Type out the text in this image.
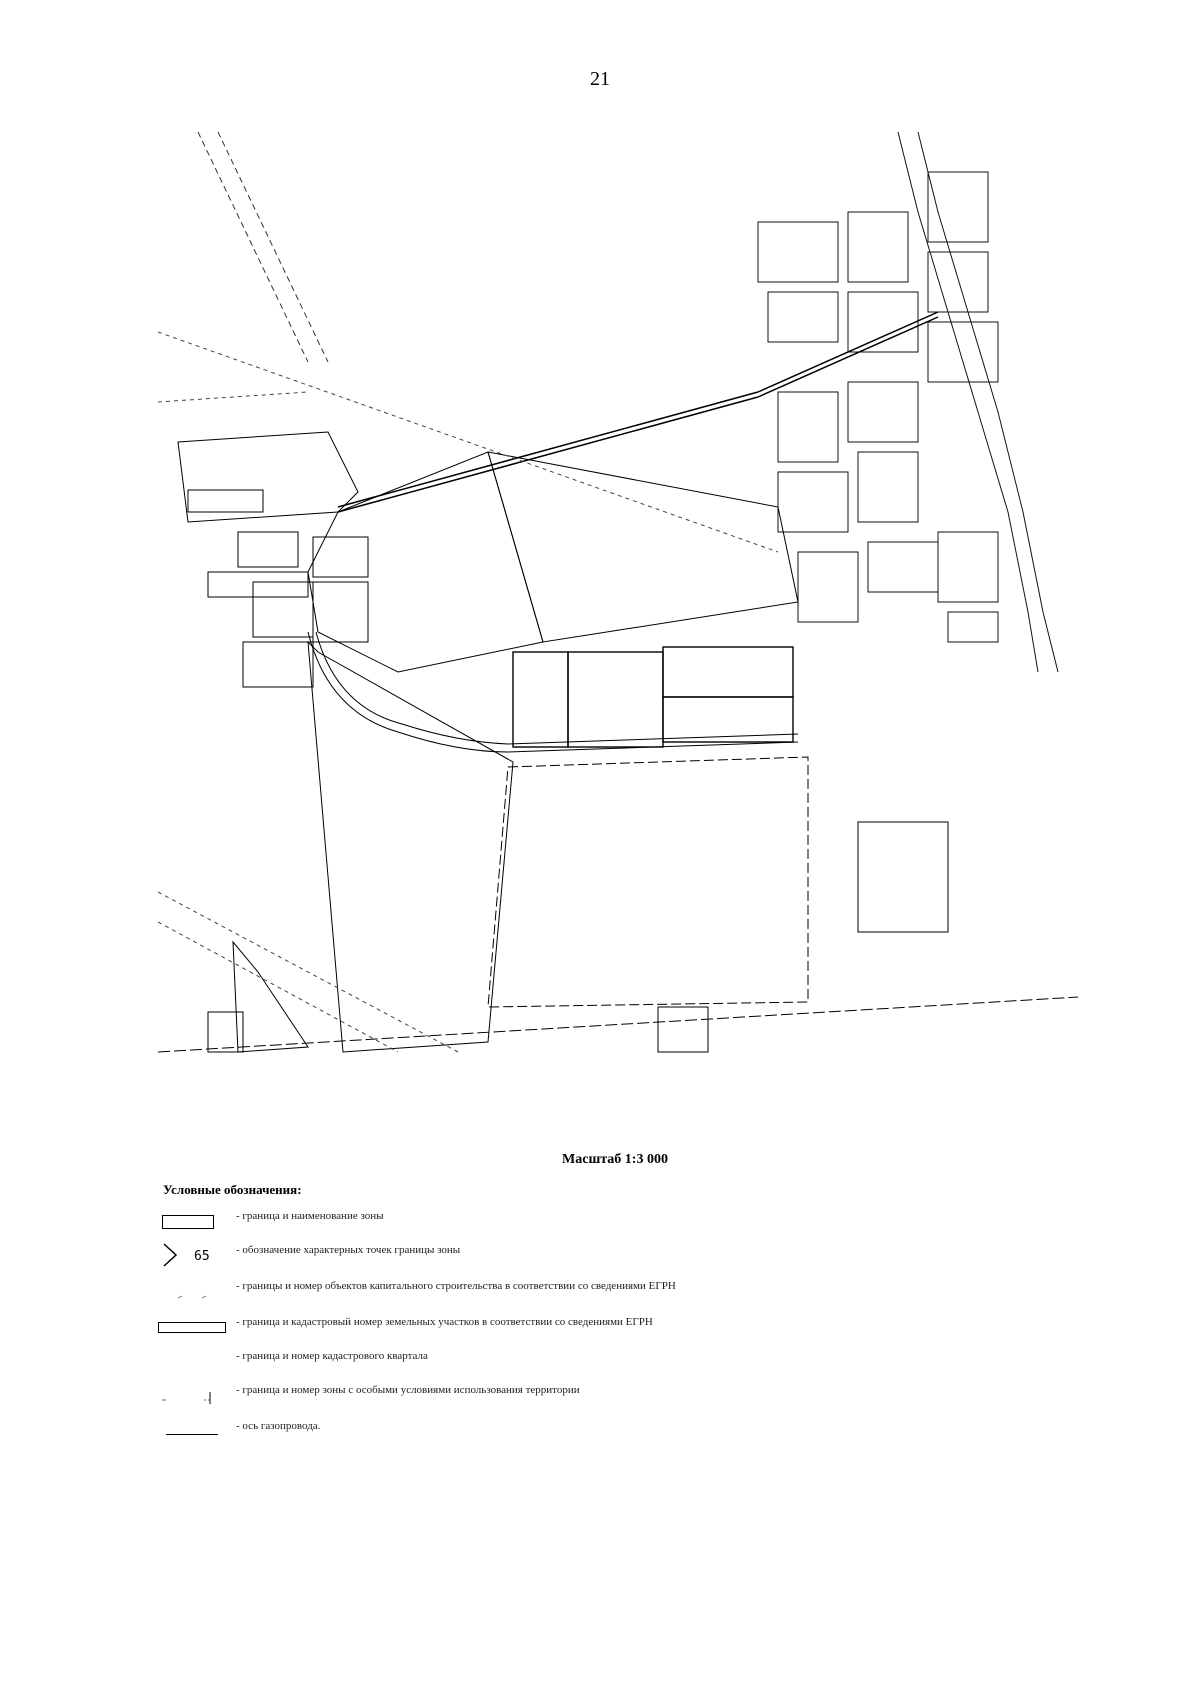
21
Масштаб 1:3 000
Условные обозначения:
- граница и наименование зоны
65 - обозначение характерных точек границы зоны
- границы и номер объектов капитального строительства в соответствии со сведениями ЕГРН
- граница и кадастровый номер земельных участков в соответствии со сведениями ЕГРН
- граница и номер кадастрового квартала
- граница и номер зоны с особыми условиями использования территории
- ось газопровода.
